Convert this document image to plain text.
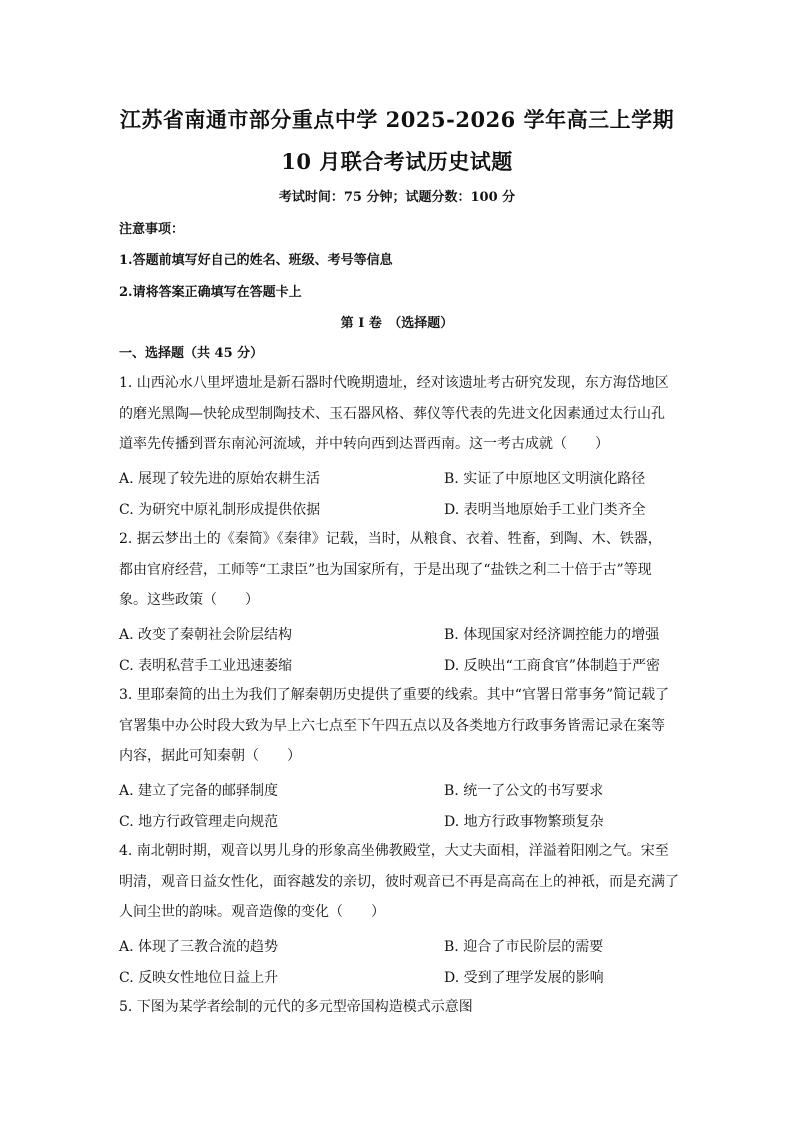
江苏省南通市部分重点中学 2025-2026 学年高三上学期
10 月联合考试历史试题
考试时间：75 分钟；试题分数：100 分
注意事项：
1.答题前填写好自己的姓名、班级、考号等信息
2.请将答案正确填写在答题卡上
第 I 卷　（选择题）
一、选择题（共 45 分）
1. 山西沁水八里坪遗址是新石器时代晚期遗址，经对该遗址考古研究发现，东方海岱地区
的磨光黑陶—快轮成型制陶技术、玉石器风格、葬仪等代表的先进文化因素通过太行山孔
道率先传播到晋东南沁河流域，并中转向西到达晋西南。这一考古成就（　　）
A. 展现了较先进的原始农耕生活	B. 实证了中原地区文明演化路径
C. 为研究中原礼制形成提供依据	D. 表明当地原始手工业门类齐全
2. 据云梦出土的《秦简》《秦律》记载，当时，从粮食、衣着、牲畜，到陶、木、铁器，
都由官府经营，工师等“工隶臣”也为国家所有，于是出现了“盐铁之利二十倍于古”等现
象。这些政策（　　）
A. 改变了秦朝社会阶层结构	B. 体现国家对经济调控能力的增强
C. 表明私营手工业迅速萎缩	D. 反映出“工商食官”体制趋于严密
3. 里耶秦简的出土为我们了解秦朝历史提供了重要的线索。其中“官署日常事务”简记载了
官署集中办公时段大致为早上六七点至下午四五点以及各类地方行政事务皆需记录在案等
内容，据此可知秦朝（　　）
A. 建立了完备的邮驿制度	B. 统一了公文的书写要求
C. 地方行政管理走向规范	D. 地方行政事物繁琐复杂
4. 南北朝时期，观音以男儿身的形象高坐佛教殿堂，大丈夫面相，洋溢着阳刚之气。宋至
明清，观音日益女性化，面容越发的亲切，彼时观音已不再是高高在上的神祇，而是充满了
人间尘世的韵味。观音造像的变化（　　）
A. 体现了三教合流的趋势	B. 迎合了市民阶层的需要
C. 反映女性地位日益上升	D. 受到了理学发展的影响
5. 下图为某学者绘制的元代的多元型帝国构造模式示意图
